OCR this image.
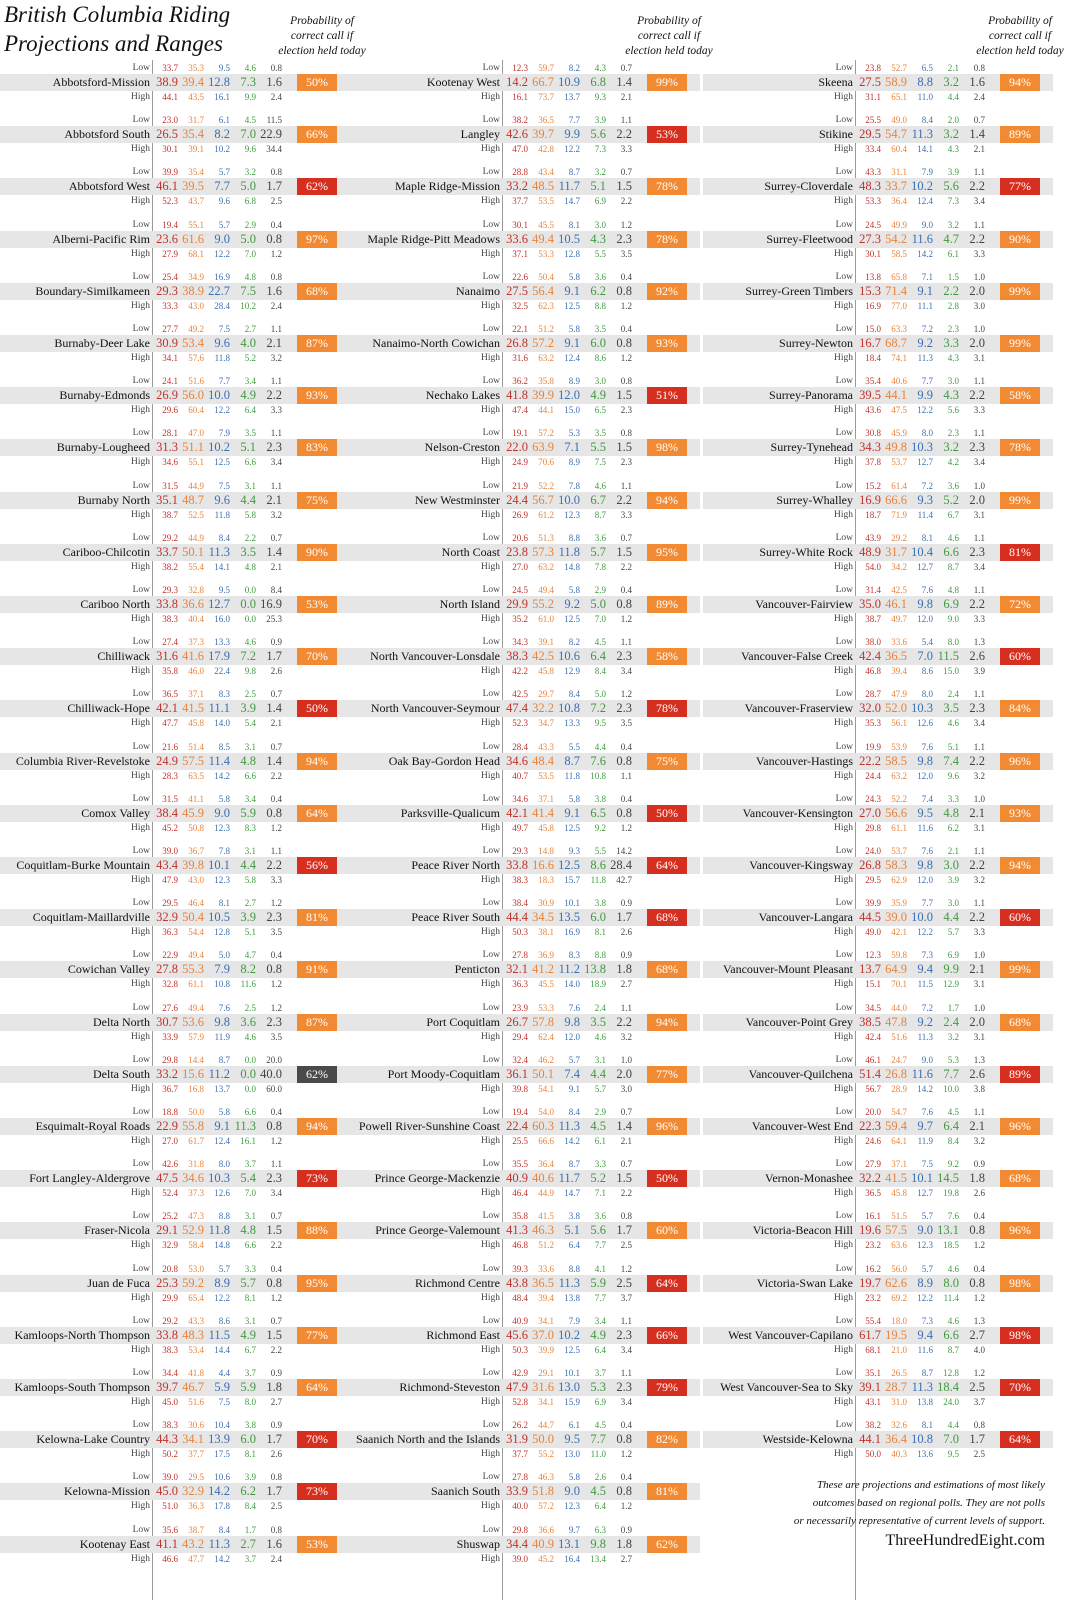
British Columbia Riding
Projections and Ranges
Probability of
correct call if
election held today
Probability of
correct call if
election held today
Probability of
correct call if
election held today
Low
High
Abbotsford-Mission
33.7
38.9
44.1
35.3
39.4
43.5
9.5
12.8
16.1
4.6
7.3
9.9
0.8
1.6
2.4
50%
Low
High
Abbotsford South
23.0
26.5
30.1
31.7
35.4
39.1
6.1
8.2
10.2
4.5
7.0
9.6
11.5
22.9
34.4
66%
Low
High
Abbotsford West
39.9
46.1
52.3
35.4
39.5
43.7
5.7
7.7
9.6
3.2
5.0
6.8
0.8
1.7
2.5
62%
Low
High
Alberni-Pacific Rim
19.4
23.6
27.9
55.1
61.6
68.1
5.7
9.0
12.2
2.9
5.0
7.0
0.4
0.8
1.2
97%
Low
High
Boundary-Similkameen
25.4
29.3
33.3
34.9
38.9
43.0
16.9
22.7
28.4
4.8
7.5
10.2
0.8
1.6
2.4
68%
Low
High
Burnaby-Deer Lake
27.7
30.9
34.1
49.2
53.4
57.6
7.5
9.6
11.8
2.7
4.0
5.2
1.1
2.1
3.2
87%
Low
High
Burnaby-Edmonds
24.1
26.9
29.6
51.6
56.0
60.4
7.7
10.0
12.2
3.4
4.9
6.4
1.1
2.2
3.3
93%
Low
High
Burnaby-Lougheed
28.1
31.3
34.6
47.0
51.1
55.1
7.9
10.2
12.5
3.5
5.1
6.6
1.1
2.3
3.4
83%
Low
High
Burnaby North
31.5
35.1
38.7
44.9
48.7
52.5
7.5
9.6
11.8
3.1
4.4
5.8
1.1
2.1
3.2
75%
Low
High
Cariboo-Chilcotin
29.2
33.7
38.2
44.9
50.1
55.4
8.4
11.3
14.1
2.2
3.5
4.8
0.7
1.4
2.1
90%
Low
High
Cariboo North
29.3
33.8
38.3
32.8
36.6
40.4
9.5
12.7
16.0
0.0
0.0
0.0
8.4
16.9
25.3
53%
Low
High
Chilliwack
27.4
31.6
35.8
37.3
41.6
46.0
13.3
17.9
22.4
4.6
7.2
9.8
0.9
1.7
2.6
70%
Low
High
Chilliwack-Hope
36.5
42.1
47.7
37.1
41.5
45.8
8.3
11.1
14.0
2.5
3.9
5.4
0.7
1.4
2.1
50%
Low
High
Columbia River-Revelstoke
21.6
24.9
28.3
51.4
57.5
63.5
8.5
11.4
14.2
3.1
4.8
6.6
0.7
1.4
2.2
94%
Low
High
Comox Valley
31.5
38.4
45.2
41.1
45.9
50.8
5.8
9.0
12.3
3.4
5.9
8.3
0.4
0.8
1.2
64%
Low
High
Coquitlam-Burke Mountain
39.0
43.4
47.9
36.7
39.8
43.0
7.8
10.1
12.3
3.1
4.4
5.8
1.1
2.2
3.3
56%
Low
High
Coquitlam-Maillardville
29.5
32.9
36.3
46.4
50.4
54.4
8.1
10.5
12.8
2.7
3.9
5.1
1.2
2.3
3.5
81%
Low
High
Cowichan Valley
22.9
27.8
32.8
49.4
55.3
61.1
5.0
7.9
10.8
4.7
8.2
11.6
0.4
0.8
1.2
91%
Low
High
Delta North
27.6
30.7
33.9
49.4
53.6
57.9
7.6
9.8
11.9
2.5
3.6
4.6
1.2
2.3
3.5
87%
Low
High
Delta South
29.8
33.2
36.7
14.4
15.6
16.8
8.7
11.2
13.7
0.0
0.0
0.0
20.0
40.0
60.0
62%
Low
High
Esquimalt-Royal Roads
18.8
22.9
27.0
50.0
55.8
61.7
5.8
9.1
12.4
6.6
11.3
16.1
0.4
0.8
1.2
94%
Low
High
Fort Langley-Aldergrove
42.6
47.5
52.4
31.8
34.6
37.3
8.0
10.3
12.6
3.7
5.4
7.0
1.1
2.3
3.4
73%
Low
High
Fraser-Nicola
25.2
29.1
32.9
47.3
52.9
58.4
8.8
11.8
14.8
3.1
4.8
6.6
0.7
1.5
2.2
88%
Low
High
Juan de Fuca
20.8
25.3
29.9
53.0
59.2
65.4
5.7
8.9
12.2
3.3
5.7
8.1
0.4
0.8
1.2
95%
Low
High
Kamloops-North Thompson
29.2
33.8
38.3
43.3
48.3
53.4
8.6
11.5
14.4
3.1
4.9
6.7
0.7
1.5
2.2
77%
Low
High
Kamloops-South Thompson
34.4
39.7
45.0
41.8
46.7
51.6
4.4
5.9
7.5
3.7
5.9
8.0
0.9
1.8
2.7
64%
Low
High
Kelowna-Lake Country
38.3
44.3
50.2
30.6
34.1
37.7
10.4
13.9
17.5
3.8
6.0
8.1
0.9
1.7
2.6
70%
Low
High
Kelowna-Mission
39.0
45.0
51.0
29.5
32.9
36.3
10.6
14.2
17.8
3.9
6.2
8.4
0.8
1.7
2.5
73%
Low
High
Kootenay East
35.6
41.1
46.6
38.7
43.2
47.7
8.4
11.3
14.2
1.7
2.7
3.7
0.8
1.6
2.4
53%
Low
High
Kootenay West
12.3
14.2
16.1
59.7
66.7
73.7
8.2
10.9
13.7
4.3
6.8
9.3
0.7
1.4
2.1
99%
Low
High
Langley
38.2
42.6
47.0
36.5
39.7
42.8
7.7
9.9
12.2
3.9
5.6
7.3
1.1
2.2
3.3
53%
Low
High
Maple Ridge-Mission
28.8
33.2
37.7
43.4
48.5
53.5
8.7
11.7
14.7
3.2
5.1
6.9
0.7
1.5
2.2
78%
Low
High
Maple Ridge-Pitt Meadows
30.1
33.6
37.1
45.5
49.4
53.3
8.1
10.5
12.8
3.0
4.3
5.5
1.2
2.3
3.5
78%
Low
High
Nanaimo
22.6
27.5
32.5
50.4
56.4
62.3
5.8
9.1
12.5
3.6
6.2
8.8
0.4
0.8
1.2
92%
Low
High
Nanaimo-North Cowichan
22.1
26.8
31.6
51.2
57.2
63.2
5.8
9.1
12.4
3.5
6.0
8.6
0.4
0.8
1.2
93%
Low
High
Nechako Lakes
36.2
41.8
47.4
35.8
39.9
44.1
8.9
12.0
15.0
3.0
4.9
6.5
0.8
1.5
2.3
51%
Low
High
Nelson-Creston
19.1
22.0
24.9
57.2
63.9
70.6
5.3
7.1
8.9
3.5
5.5
7.5
0.8
1.5
2.3
98%
Low
High
New Westminster
21.9
24.4
26.9
52.2
56.7
61.2
7.8
10.0
12.3
4.6
6.7
8.7
1.1
2.2
3.3
94%
Low
High
North Coast
20.6
23.8
27.0
51.3
57.3
63.2
8.8
11.8
14.8
3.6
5.7
7.8
0.7
1.5
2.2
95%
Low
High
North Island
24.5
29.9
35.2
49.4
55.2
61.0
5.8
9.2
12.5
2.9
5.0
7.0
0.4
0.8
1.2
89%
Low
High
North Vancouver-Lonsdale
34.3
38.3
42.2
39.1
42.5
45.8
8.2
10.6
12.9
4.5
6.4
8.4
1.1
2.3
3.4
58%
Low
High
North Vancouver-Seymour
42.5
47.4
52.3
29.7
32.2
34.7
8.4
10.8
13.3
5.0
7.2
9.5
1.2
2.3
3.5
78%
Low
High
Oak Bay-Gordon Head
28.4
34.6
40.7
43.3
48.4
53.5
5.5
8.7
11.8
4.4
7.6
10.8
0.4
0.8
1.1
75%
Low
High
Parksville-Qualicum
34.6
42.1
49.7
37.1
41.4
45.8
5.8
9.1
12.5
3.8
6.5
9.2
0.4
0.8
1.2
50%
Low
High
Peace River North
29.3
33.8
38.3
14.8
16.6
18.3
9.3
12.5
15.7
5.5
8.6
11.8
14.2
28.4
42.7
64%
Low
High
Peace River South
38.4
44.4
50.3
30.9
34.5
38.1
10.1
13.5
16.9
3.8
6.0
8.1
0.9
1.7
2.6
68%
Low
High
Penticton
27.8
32.1
36.3
36.9
41.2
45.5
8.3
11.2
14.0
8.8
13.8
18.9
0.9
1.8
2.7
68%
Low
High
Port Coquitlam
23.9
26.7
29.4
53.3
57.8
62.4
7.6
9.8
12.0
2.4
3.5
4.6
1.1
2.2
3.2
94%
Low
High
Port Moody-Coquitlam
32.4
36.1
39.8
46.2
50.1
54.1
5.7
7.4
9.1
3.1
4.4
5.7
1.0
2.0
3.0
77%
Low
High
Powell River-Sunshine Coast
19.4
22.4
25.5
54.0
60.3
66.6
8.4
11.3
14.2
2.9
4.5
6.1
0.7
1.4
2.1
96%
Low
High
Prince George-Mackenzie
35.5
40.9
46.4
36.4
40.6
44.9
8.7
11.7
14.7
3.3
5.2
7.1
0.7
1.5
2.2
50%
Low
High
Prince George-Valemount
35.8
41.3
46.8
41.5
46.3
51.2
3.8
5.1
6.4
3.6
5.6
7.7
0.8
1.7
2.5
60%
Low
High
Richmond Centre
39.3
43.8
48.4
33.6
36.5
39.4
8.8
11.3
13.8
4.1
5.9
7.7
1.2
2.5
3.7
64%
Low
High
Richmond East
40.9
45.6
50.3
34.1
37.0
39.9
7.9
10.2
12.5
3.4
4.9
6.4
1.1
2.3
3.4
66%
Low
High
Richmond-Steveston
42.9
47.9
52.8
29.1
31.6
34.1
10.1
13.0
15.9
3.7
5.3
6.9
1.1
2.3
3.4
79%
Low
High
Saanich North and the Islands
26.2
31.9
37.7
44.7
50.0
55.2
6.1
9.5
13.0
4.5
7.7
11.0
0.4
0.8
1.2
82%
Low
High
Saanich South
27.8
33.9
40.0
46.3
51.8
57.2
5.8
9.0
12.3
2.6
4.5
6.4
0.4
0.8
1.2
81%
Low
High
Shuswap
29.8
34.4
39.0
36.6
40.9
45.2
9.7
13.1
16.4
6.3
9.8
13.4
0.9
1.8
2.7
62%
Low
High
Skeena
23.8
27.5
31.1
52.7
58.9
65.1
6.5
8.8
11.0
2.1
3.2
4.4
0.8
1.6
2.4
94%
Low
High
Stikine
25.5
29.5
33.4
49.0
54.7
60.4
8.4
11.3
14.1
2.0
3.2
4.3
0.7
1.4
2.1
89%
Low
High
Surrey-Cloverdale
43.3
48.3
53.3
31.1
33.7
36.4
7.9
10.2
12.4
3.9
5.6
7.3
1.1
2.2
3.4
77%
Low
High
Surrey-Fleetwood
24.5
27.3
30.1
49.9
54.2
58.5
9.0
11.6
14.2
3.2
4.7
6.1
1.1
2.2
3.3
90%
Low
High
Surrey-Green Timbers
13.8
15.3
16.9
65.8
71.4
77.0
7.1
9.1
11.1
1.5
2.2
2.8
1.0
2.0
3.0
99%
Low
High
Surrey-Newton
15.0
16.7
18.4
63.3
68.7
74.1
7.2
9.2
11.3
2.3
3.3
4.3
1.0
2.0
3.1
99%
Low
High
Surrey-Panorama
35.4
39.5
43.6
40.6
44.1
47.5
7.7
9.9
12.2
3.0
4.3
5.6
1.1
2.2
3.3
58%
Low
High
Surrey-Tynehead
30.8
34.3
37.8
45.9
49.8
53.7
8.0
10.3
12.7
2.3
3.2
4.2
1.1
2.3
3.4
78%
Low
High
Surrey-Whalley
15.2
16.9
18.7
61.4
66.6
71.9
7.2
9.3
11.4
3.6
5.2
6.7
1.0
2.0
3.1
99%
Low
High
Surrey-White Rock
43.9
48.9
54.0
29.2
31.7
34.2
8.1
10.4
12.7
4.6
6.6
8.7
1.1
2.3
3.4
81%
Low
High
Vancouver-Fairview
31.4
35.0
38.7
42.5
46.1
49.7
7.6
9.8
12.0
4.8
6.9
9.0
1.1
2.2
3.3
72%
Low
High
Vancouver-False Creek
38.0
42.4
46.8
33.6
36.5
39.4
5.4
7.0
8.6
8.0
11.5
15.0
1.3
2.6
3.9
60%
Low
High
Vancouver-Fraserview
28.7
32.0
35.3
47.9
52.0
56.1
8.0
10.3
12.6
2.4
3.5
4.6
1.1
2.3
3.4
84%
Low
High
Vancouver-Hastings
19.9
22.2
24.4
53.9
58.5
63.2
7.6
9.8
12.0
5.1
7.4
9.6
1.1
2.2
3.2
96%
Low
High
Vancouver-Kensington
24.3
27.0
29.8
52.2
56.6
61.1
7.4
9.5
11.6
3.3
4.8
6.2
1.0
2.1
3.1
93%
Low
High
Vancouver-Kingsway
24.0
26.8
29.5
53.7
58.3
62.9
7.6
9.8
12.0
2.1
3.0
3.9
1.1
2.2
3.2
94%
Low
High
Vancouver-Langara
39.9
44.5
49.0
35.9
39.0
42.1
7.7
10.0
12.2
3.0
4.4
5.7
1.1
2.2
3.3
60%
Low
High
Vancouver-Mount Pleasant
12.3
13.7
15.1
59.8
64.9
70.1
7.3
9.4
11.5
6.9
9.9
12.9
1.0
2.1
3.1
99%
Low
High
Vancouver-Point Grey
34.5
38.5
42.4
44.0
47.8
51.6
7.2
9.2
11.3
1.7
2.4
3.2
1.0
2.0
3.1
68%
Low
High
Vancouver-Quilchena
46.1
51.4
56.7
24.7
26.8
28.9
9.0
11.6
14.2
5.3
7.7
10.0
1.3
2.6
3.8
89%
Low
High
Vancouver-West End
20.0
22.3
24.6
54.7
59.4
64.1
7.6
9.7
11.9
4.5
6.4
8.4
1.1
2.1
3.2
96%
Low
High
Vernon-Monashee
27.9
32.2
36.5
37.1
41.5
45.8
7.5
10.1
12.7
9.2
14.5
19.8
0.9
1.8
2.6
68%
Low
High
Victoria-Beacon Hill
16.1
19.6
23.2
51.5
57.5
63.6
5.7
9.0
12.3
7.6
13.1
18.5
0.4
0.8
1.2
96%
Low
High
Victoria-Swan Lake
16.2
19.7
23.2
56.0
62.6
69.2
5.7
8.9
12.2
4.6
8.0
11.4
0.4
0.8
1.2
98%
Low
High
West Vancouver-Capilano
55.4
61.7
68.1
18.0
19.5
21.0
7.3
9.4
11.6
4.6
6.6
8.7
1.3
2.7
4.0
98%
Low
High
West Vancouver-Sea to Sky
35.1
39.1
43.1
26.5
28.7
31.0
8.7
11.3
13.8
12.8
18.4
24.0
1.2
2.5
3.7
70%
Low
High
Westside-Kelowna
38.2
44.1
50.0
32.6
36.4
40.3
8.1
10.8
13.6
4.4
7.0
9.5
0.8
1.7
2.5
64%
These are projections and estimations of most likely
outcomes based on regional polls. They are not polls
or necessarily representative of current levels of support.
ThreeHundredEight.com
